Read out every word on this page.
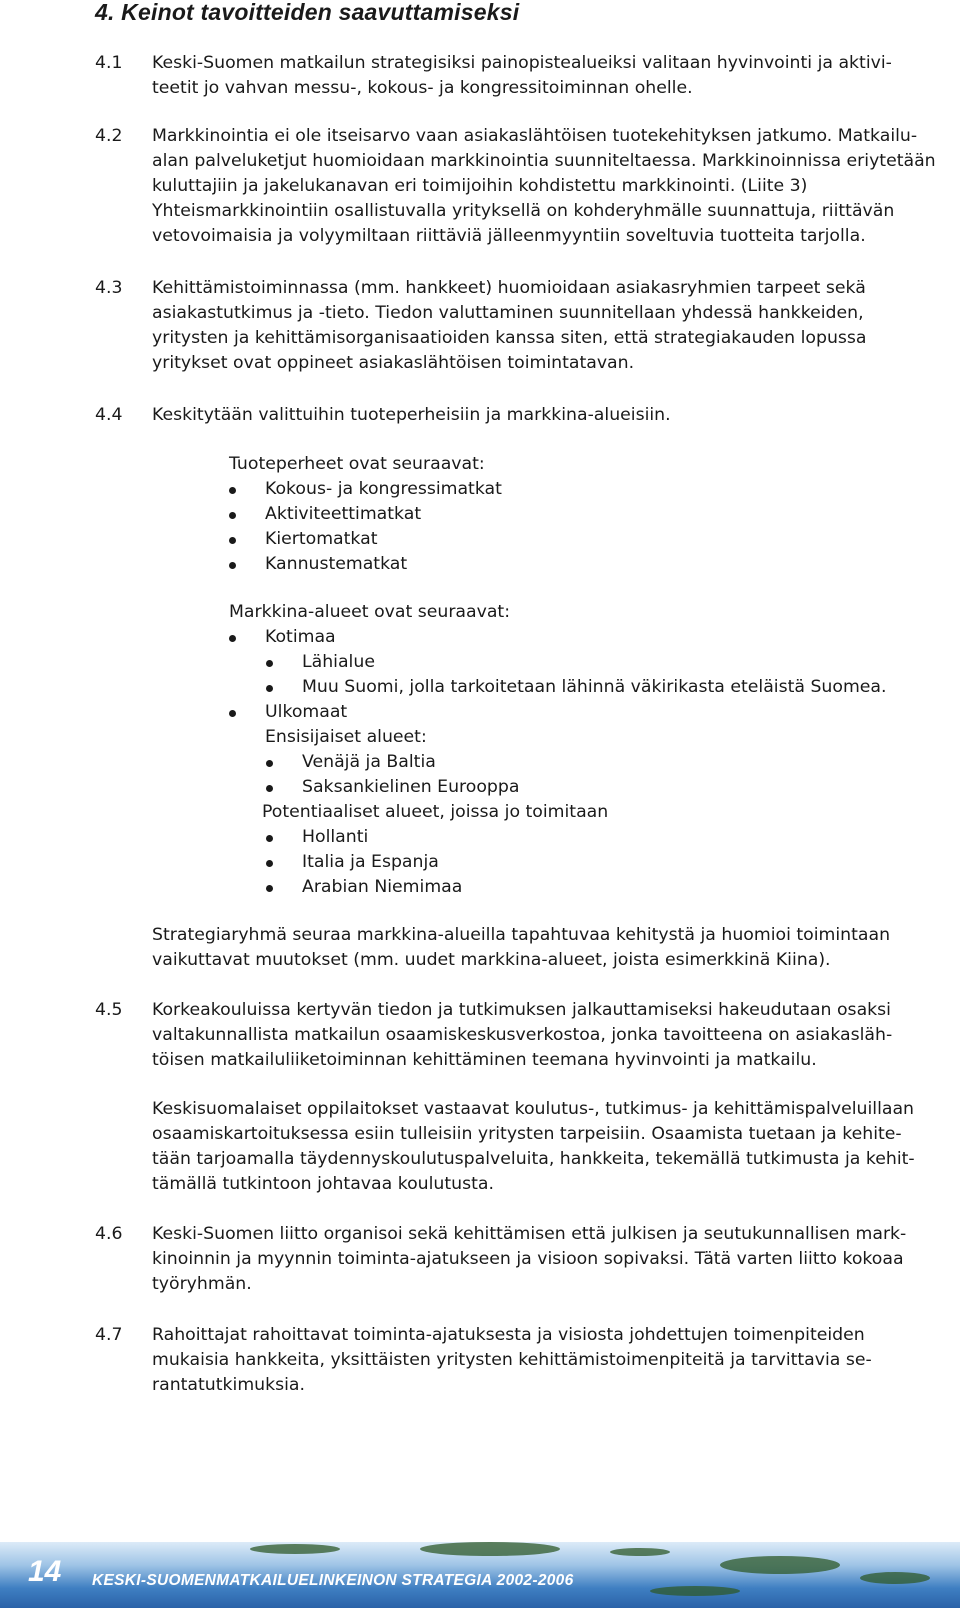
4. Keinot tavoitteiden saavuttamiseksi
4.1 Keski-Suomen matkailun strategisiksi painopistealueiksi valitaan hyvinvointi ja aktivi-

teetit jo vahvan messu-, kokous- ja kongressitoiminnan ohelle.

4.2 Markkinointia ei ole itseisarvo vaan asiakaslähtöisen tuotekehityksen jatkumo. Matkailu-

alan palveluketjut huomioidaan markkinointia suunniteltaessa. Markkinoinnissa eriytetään

kuluttajiin ja jakelukanavan eri toimijoihin kohdistettu markkinointi. (Liite 3)

Yhteismarkkinointiin osallistuvalla yrityksellä on kohderyhmälle suunnattuja, riittävän

vetovoimaisia ja volyymiltaan riittäviä jälleenmyyntiin soveltuvia tuotteita tarjolla.

4.3 Kehittämistoiminnassa (mm. hankkeet) huomioidaan asiakasryhmien tarpeet sekä

asiakastutkimus ja -tieto. Tiedon valuttaminen suunnitellaan yhdessä hankkeiden,

yritysten ja kehittämisorganisaatioiden kanssa siten, että strategiakauden lopussa

yritykset ovat oppineet asiakaslähtöisen toimintatavan.

4.4 Keskitytään valittuihin tuoteperheisiin ja markkina-alueisiin.

Tuoteperheet ovat seuraavat:
Kokous- ja kongressimatkat
Aktiviteettimatkat
Kiertomatkat
Kannustematkat
Markkina-alueet ovat seuraavat:
Kotimaa
Lähialue
Muu Suomi, jolla tarkoitetaan lähinnä väkirikasta eteläistä Suomea.
Ulkomaat
Ensisijaiset alueet:
Venäjä ja Baltia
Saksankielinen Eurooppa
Potentiaaliset alueet, joissa jo toimitaan
Hollanti
Italia ja Espanja
Arabian Niemimaa

Strategiaryhmä seuraa markkina-alueilla tapahtuvaa kehitystä ja huomioi toimintaan

vaikuttavat muutokset (mm. uudet markkina-alueet, joista esimerkkinä Kiina).

4.5 Korkeakouluissa kertyvän tiedon ja tutkimuksen jalkauttamiseksi hakeudutaan osaksi

valtakunnallista matkailun osaamiskeskusverkostoa, jonka tavoitteena on asiakasläh-

töisen matkailuliiketoiminnan kehittäminen teemana hyvinvointi ja matkailu.

Keskisuomalaiset oppilaitokset vastaavat koulutus-, tutkimus- ja kehittämispalveluillaan

osaamiskartoituksessa esiin tulleisiin yritysten tarpeisiin. Osaamista tuetaan ja kehite-

tään tarjoamalla täydennyskoulutuspalveluita, hankkeita, tekemällä tutkimusta ja kehit-

tämällä tutkintoon johtavaa koulutusta.

4.6 Keski-Suomen liitto organisoi sekä kehittämisen että julkisen ja seutukunnallisen mark-

kinoinnin ja myynnin toiminta-ajatukseen ja visioon sopivaksi. Tätä varten liitto kokoaa

työryhmän.

4.7 Rahoittajat rahoittavat toiminta-ajatuksesta ja visiosta johdettujen toimenpiteiden

mukaisia hankkeita, yksittäisten yritysten kehittämistoimenpiteitä ja tarvittavia se-

rantatutkimuksia.

14 KESKI-SUOMENMATKAILUELINKEINON STRATEGIA 2002-2006
